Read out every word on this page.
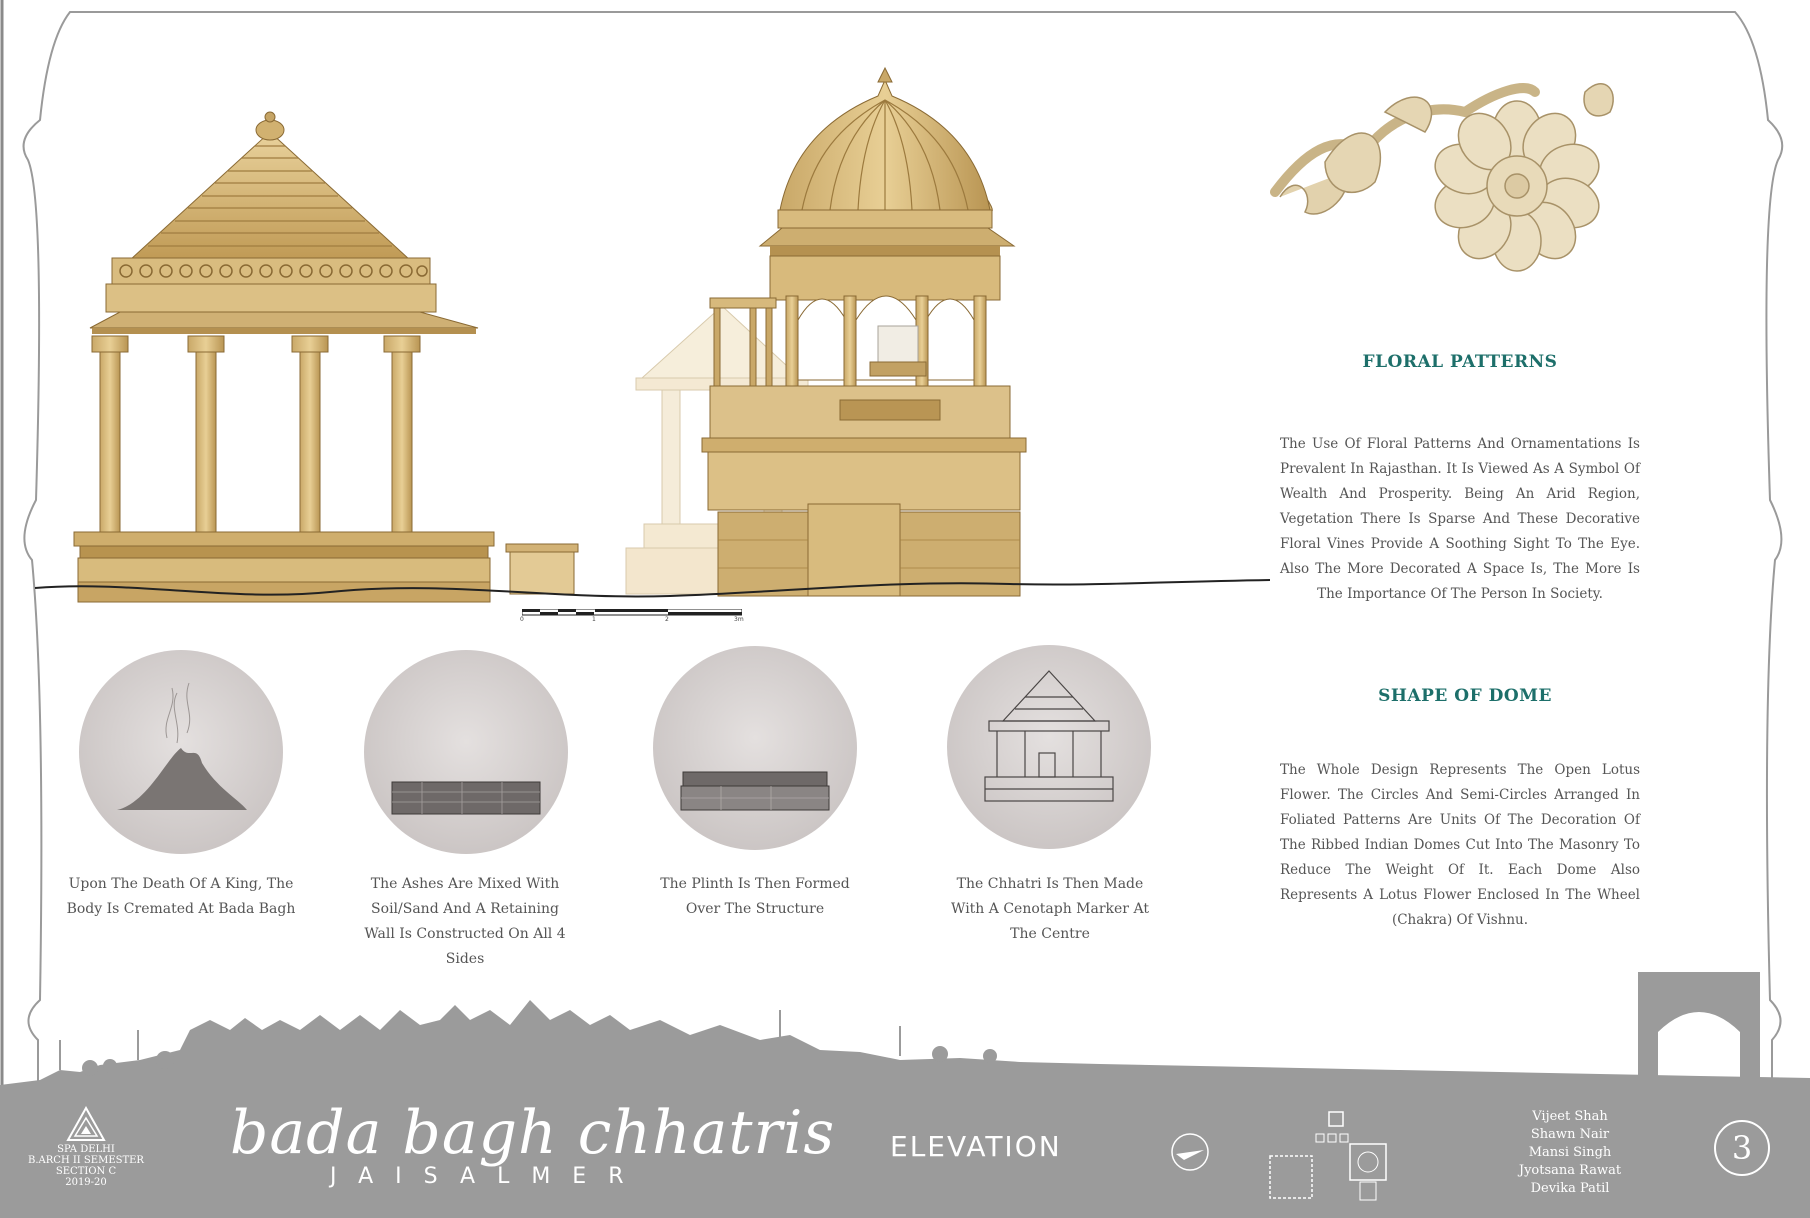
0	1	2	3m
FLORAL PATTERNS
The Use Of Floral Patterns And Ornamentations Is Prevalent In Rajasthan. It Is Viewed As A Symbol Of Wealth And Prosperity. Being An Arid Region, Vegetation There Is Sparse And These Decorative Floral Vines Provide A Soothing Sight To The Eye. Also The More Decorated A Space Is, The More Is The Importance Of The Person In Society.
SHAPE OF DOME
The Whole Design Represents The Open Lotus Flower. The Circles And Semi-Circles Arranged In Foliated Patterns Are Units Of The Decoration Of The Ribbed Indian Domes Cut Into The Masonry To Reduce The Weight Of It. Each Dome Also Represents A Lotus Flower Enclosed In The Wheel (Chakra) Of Vishnu.
Upon The Death Of A King, The Body Is Cremated At Bada Bagh
The Ashes Are Mixed With Soil/Sand And A Retaining Wall Is Constructed On All 4 Sides
The Plinth Is Then Formed Over The Structure
The Chhatri Is Then Made With A Cenotaph Marker At The Centre
SPA DELHI
B.ARCH II SEMESTER
SECTION C
2019-20
bada bagh chhatris
JAISALMER
ELEVATION
Vijeet Shah
Shawn Nair
Mansi Singh
Jyotsana Rawat
Devika Patil
3
